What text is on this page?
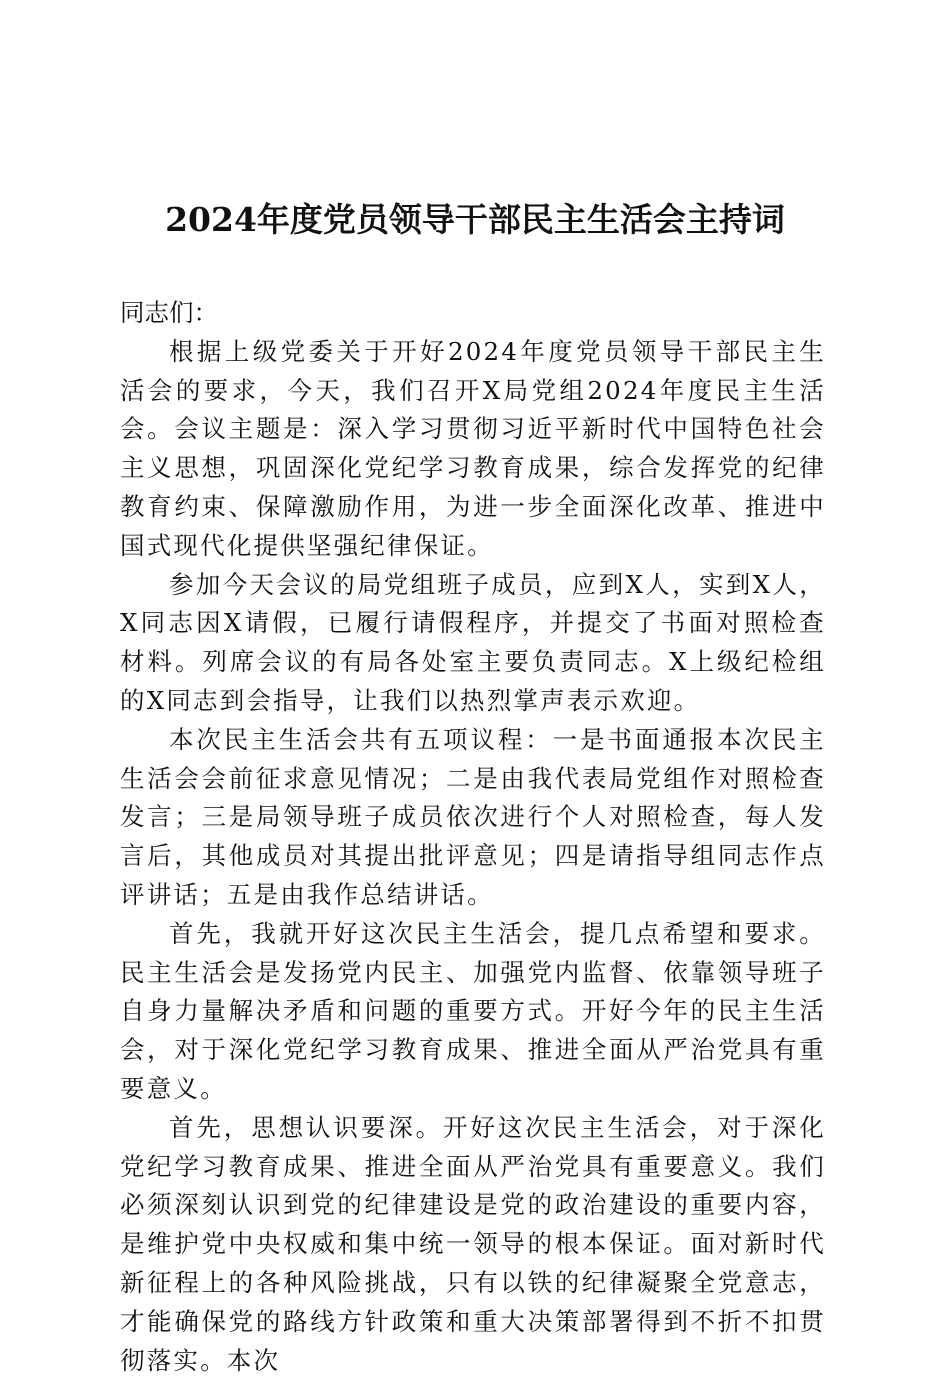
2024年度党员领导干部民主生活会主持词

同志们：

根据上级党委关于开好2024年度党员领导干部民主生活会的要求，今天，我们召开X局党组2024年度民主生活会。会议主题是：深入学习贯彻习近平新时代中国特色社会主义思想，巩固深化党纪学习教育成果，综合发挥党的纪律教育约束、保障激励作用，为进一步全面深化改革、推进中国式现代化提供坚强纪律保证。

参加今天会议的局党组班子成员，应到X人，实到X人，X同志因X请假，已履行请假程序，并提交了书面对照检查材料。列席会议的有局各处室主要负责同志。X上级纪检组的X同志到会指导，让我们以热烈掌声表示欢迎。

本次民主生活会共有五项议程：一是书面通报本次民主生活会会前征求意见情况；二是由我代表局党组作对照检查发言；三是局领导班子成员依次进行个人对照检查，每人发言后，其他成员对其提出批评意见；四是请指导组同志作点评讲话；五是由我作总结讲话。

首先，我就开好这次民主生活会，提几点希望和要求。民主生活会是发扬党内民主、加强党内监督、依靠领导班子自身力量解决矛盾和问题的重要方式。开好今年的民主生活会，对于深化党纪学习教育成果、推进全面从严治党具有重要意义。

首先，思想认识要深。开好这次民主生活会，对于深化党纪学习教育成果、推进全面从严治党具有重要意义。我们必须深刻认识到党的纪律建设是党的政治建设的重要内容，是维护党中央权威和集中统一领导的根本保证。面对新时代新征程上的各种风险挑战，只有以铁的纪律凝聚全党意志，才能确保党的路线方针政策和重大决策部署得到不折不扣贯彻落实。本次
